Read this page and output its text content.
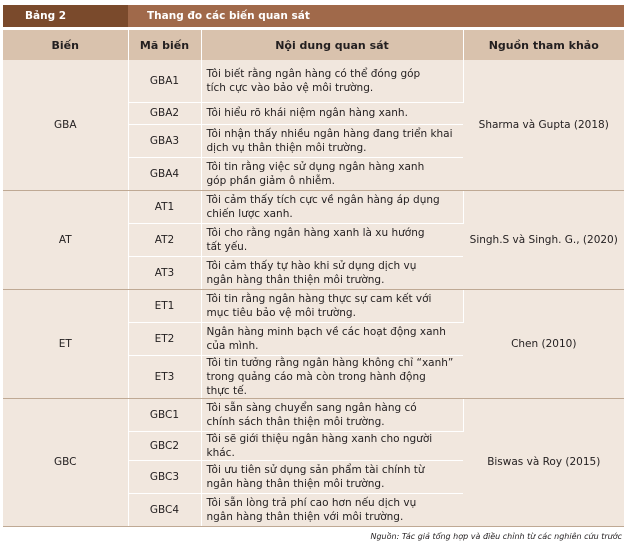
Bảng 2	Thang đo các biến quan sát
Biến	Mã biến	Nội dung quan sát	Nguồn tham khảo
GBA	GBA1	Tôi biết rằng ngân hàng có thể đóng góp
tích cực vào bảo vệ môi trường.	Sharma và Gupta (2018)
	GBA2	Tôi hiểu rõ khái niệm ngân hàng xanh.	
	GBA3	Tôi nhận thấy nhiều ngân hàng đang triển khai
dịch vụ thân thiện môi trường.	
	GBA4	Tôi tin rằng việc sử dụng ngân hàng xanh
góp phần giảm ô nhiễm.	
AT	AT1	Tôi cảm thấy tích cực về ngân hàng áp dụng
chiến lược xanh.	Singh.S và Singh. G., (2020)
	AT2	Tôi cho rằng ngân hàng xanh là xu hướng
tất yếu.	
	AT3	Tôi cảm thấy tự hào khi sử dụng dịch vụ
ngân hàng thân thiện môi trường.	
ET	ET1	Tôi tin rằng ngân hàng thực sự cam kết với
mục tiêu bảo vệ môi trường.	Chen (2010)
	ET2	Ngân hàng minh bạch về các hoạt động xanh
của mình.	
	ET3	Tôi tin tưởng rằng ngân hàng không chỉ “xanh”
trong quảng cáo mà còn trong hành động
thực tế.	
GBC	GBC1	Tôi sẵn sàng chuyển sang ngân hàng có
chính sách thân thiện môi trường.	Biswas và Roy (2015)
	GBC2	Tôi sẽ giới thiệu ngân hàng xanh cho người khác.	
	GBC3	Tôi ưu tiên sử dụng sản phẩm tài chính từ
ngân hàng thân thiện môi trường.	
	GBC4	Tôi sẵn lòng trả phí cao hơn nếu dịch vụ
ngân hàng thân thiện với môi trường.	
Nguồn: Tác giả tổng hợp và điều chỉnh từ các nghiên cứu trước
